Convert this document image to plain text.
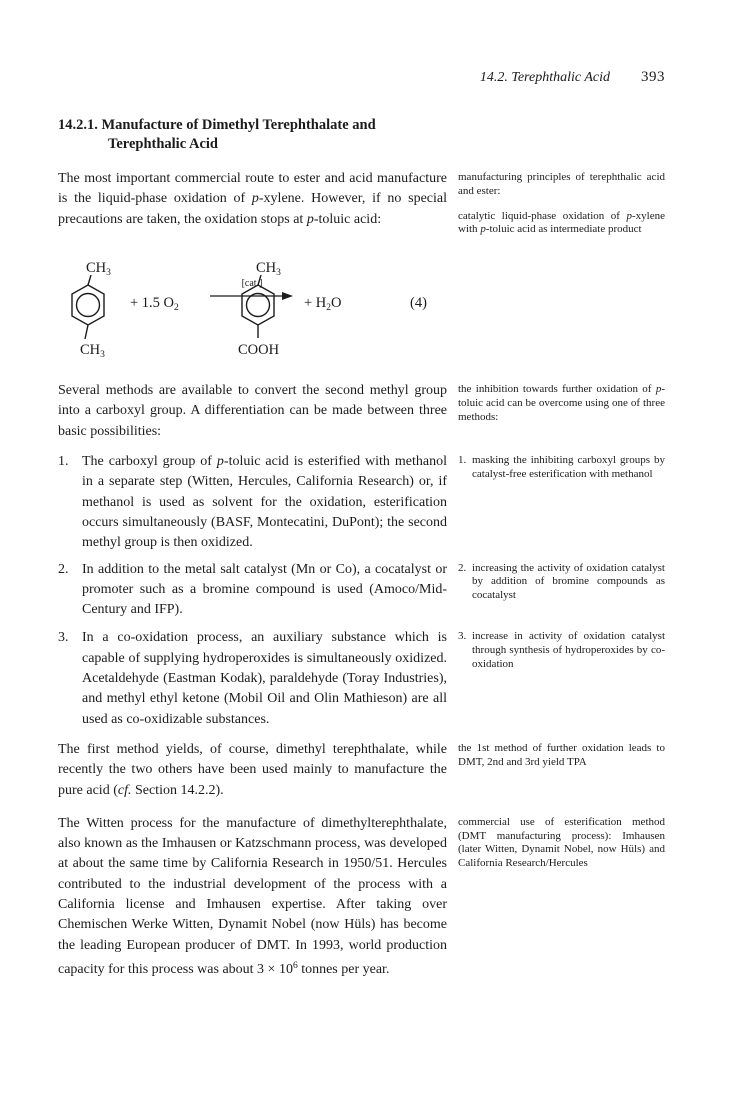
14.2. Terephthalic Acid 393
14.2.1. Manufacture of Dimethyl Terephthalate and
Terephthalic Acid

The most important commercial route to ester and acid manufacture is the liquid-phase oxidation of p-xylene. However, if no special precautions are taken, the oxidation stops at p-toluic acid:

manufacturing principles of terephthalic acid and ester:

catalytic liquid-phase oxidation of p-xylene with p-toluic acid as intermediate product

$CH_3$
$CH_3$
+ 1.5 $O_2$
[cat.]
$CH_3$
COOH
+ $H_2O$	(4)

Several methods are available to convert the second methyl group into a carboxyl group. A differentiation can be made between three basic possibilities:

the inhibition towards further oxidation of p-toluic acid can be overcome using one of three methods:

1. The carboxyl group of p-toluic acid is esterified with methanol in a separate step (Witten, Hercules, California Research) or, if methanol is used as solvent for the oxidation, esterification occurs simultaneously (BASF, Montecatini, DuPont); the second methyl group is then oxidized.

1. masking the inhibiting carboxyl groups by catalyst-free esterification with methanol
2. In addition to the metal salt catalyst (Mn or Co), a cocatalyst or promoter such as a bromine compound is used (Amoco/Mid-Century and IFP).

2. increasing the activity of oxidation catalyst by addition of bromine compounds as cocatalyst
3. In a co-oxidation process, an auxiliary substance which is capable of supplying hydroperoxides is simultaneously oxidized. Acetaldehyde (Eastman Kodak), paraldehyde (Toray Industries), and methyl ethyl ketone (Mobil Oil and Olin Mathieson) are all used as co-oxidizable substances.

3. increase in activity of oxidation catalyst through synthesis of hydroperoxides by co-oxidation

The first method yields, of course, dimethyl terephthalate, while recently the two others have been used mainly to manufacture the pure acid (cf. Section 14.2.2).

the 1st method of further oxidation leads to DMT, 2nd and 3rd yield TPA

The Witten process for the manufacture of dimethylterephthalate, also known as the Imhausen or Katzschmann process, was developed at about the same time by California Research in 1950/51. Hercules contributed to the industrial development of the process with a California license and Imhausen expertise. After taking over Chemischen Werke Witten, Dynamit Nobel (now Hüls) has become the leading European producer of DMT. In 1993, world production capacity for this process was about $3 \times 10^6$ tonnes per year.

commercial use of esterification method (DMT manufacturing process): Imhausen (later Witten, Dynamit Nobel, now Hüls) and California Research/Hercules
